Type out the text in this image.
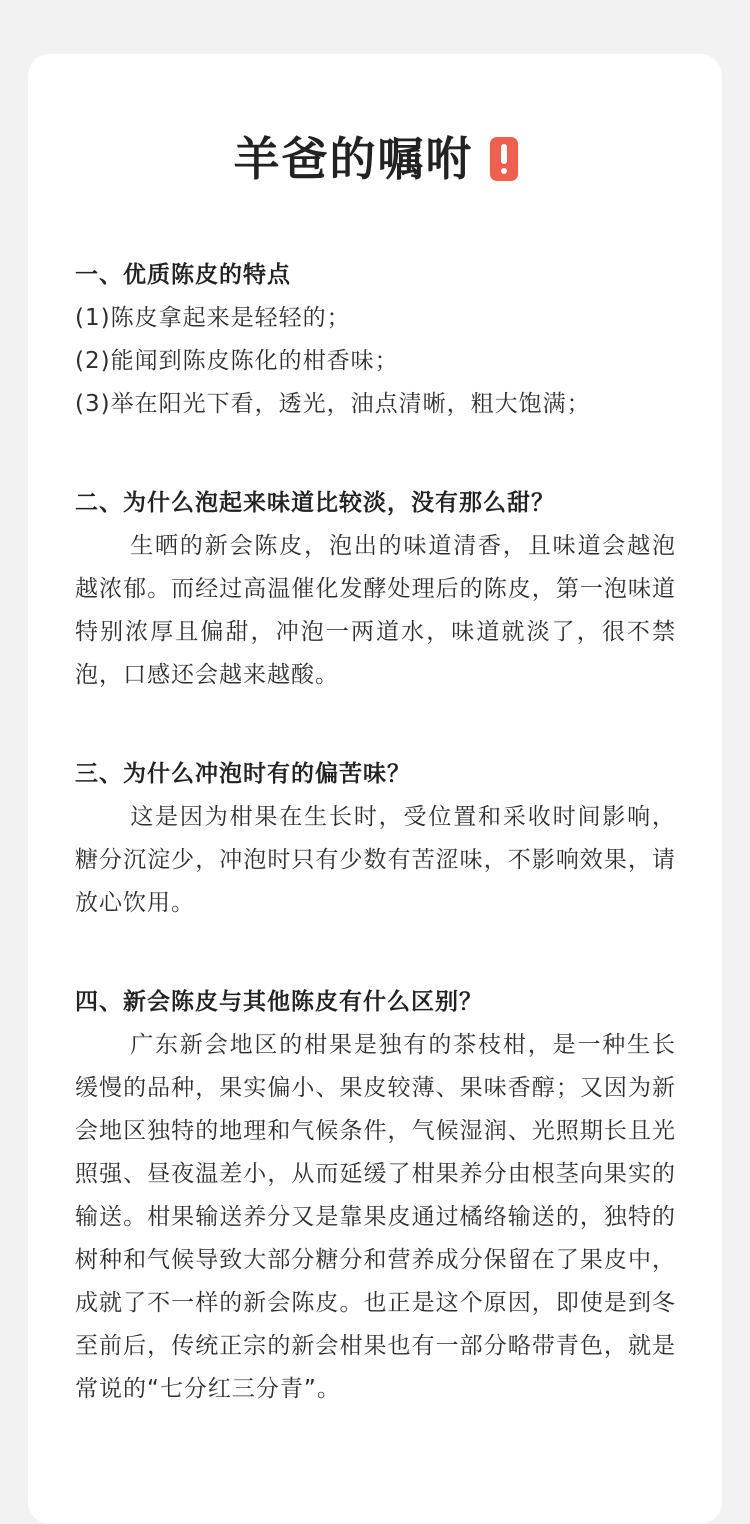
羊爸的嘱咐
一、优质陈皮的特点
(1)陈皮拿起来是轻轻的；
(2)能闻到陈皮陈化的柑香味；
(3)举在阳光下看，透光，油点清晰，粗大饱满；
二、为什么泡起来味道比较淡，没有那么甜？

生晒的新会陈皮，泡出的味道清香，且味道会越泡越浓郁。而经过高温催化发酵处理后的陈皮，第一泡味道特别浓厚且偏甜，冲泡一两道水，味道就淡了，很不禁泡，口感还会越来越酸。

三、为什么冲泡时有的偏苦味？

这是因为柑果在生长时，受位置和采收时间影响，糖分沉淀少，冲泡时只有少数有苦涩味，不影响效果，请放心饮用。

四、新会陈皮与其他陈皮有什么区别？

广东新会地区的柑果是独有的茶枝柑，是一种生长缓慢的品种，果实偏小、果皮较薄、果味香醇；又因为新会地区独特的地理和气候条件，气候湿润、光照期长且光照强、昼夜温差小，从而延缓了柑果养分由根茎向果实的输送。柑果输送养分又是靠果皮通过橘络输送的，独特的树种和气候导致大部分糖分和营养成分保留在了果皮中，成就了不一样的新会陈皮。也正是这个原因，即使是到冬至前后，传统正宗的新会柑果也有一部分略带青色，就是常说的“七分红三分青”。
